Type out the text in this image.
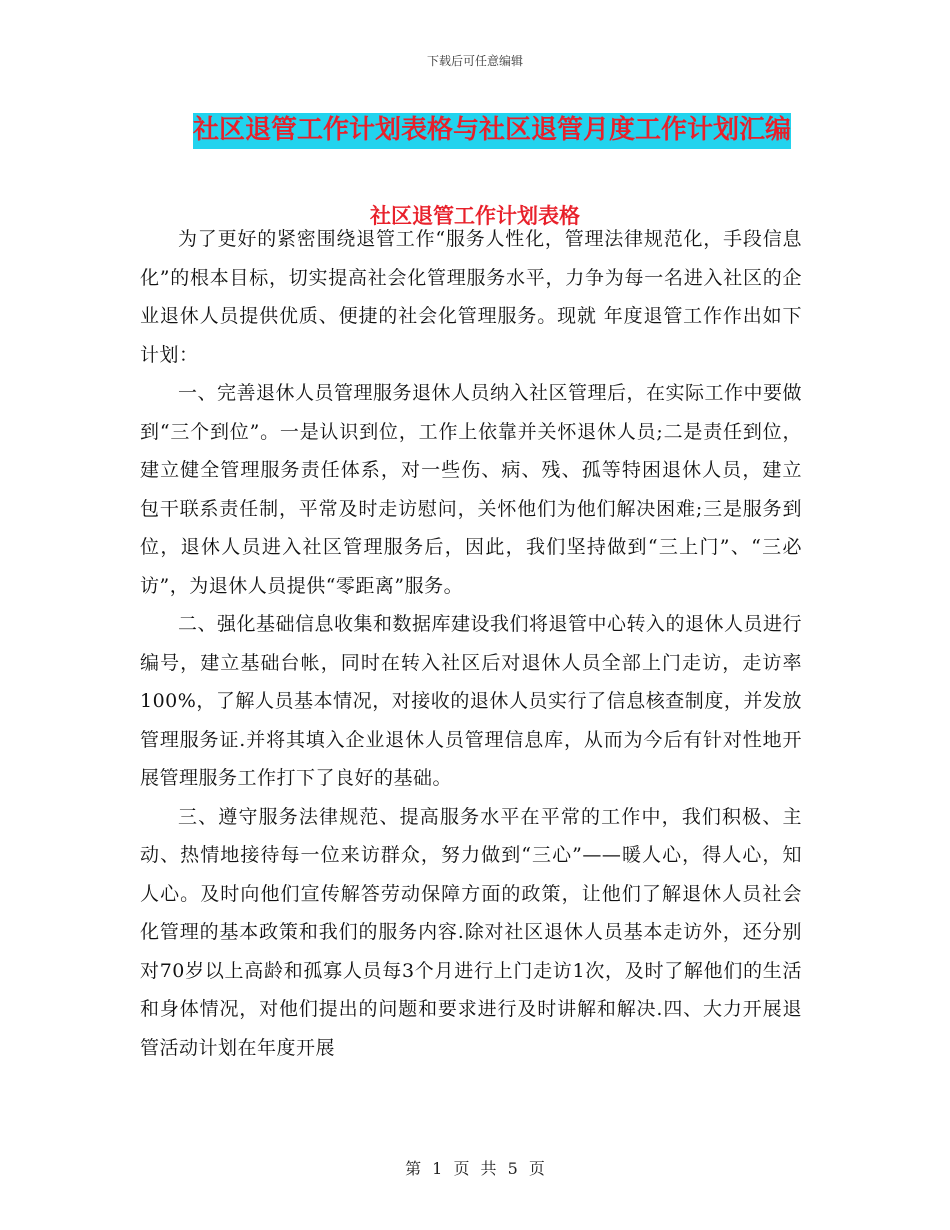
下载后可任意编辑
社区退管工作计划表格与社区退管月度工作计划汇编
社区退管工作计划表格

为了更好的紧密围绕退管工作“服务人性化，管理法律规范化，手段信息化”的根本目标，切实提高社会化管理服务水平，力争为每一名进入社区的企业退休人员提供优质、便捷的社会化管理服务。现就 年度退管工作作出如下计划：

一、完善退休人员管理服务退休人员纳入社区管理后，在实际工作中要做到“三个到位”。一是认识到位，工作上依靠并关怀退休人员;二是责任到位，建立健全管理服务责任体系，对一些伤、病、残、孤等特困退休人员，建立包干联系责任制，平常及时走访慰问，关怀他们为他们解决困难;三是服务到位，退休人员进入社区管理服务后，因此，我们坚持做到“三上门”、“三必访”，为退休人员提供“零距离”服务。

二、强化基础信息收集和数据库建设我们将退管中心转入的退休人员进行编号，建立基础台帐，同时在转入社区后对退休人员全部上门走访，走访率100%，了解人员基本情况，对接收的退休人员实行了信息核查制度，并发放管理服务证.并将其填入企业退休人员管理信息库，从而为今后有针对性地开展管理服务工作打下了良好的基础。

三、遵守服务法律规范、提高服务水平在平常的工作中，我们积极、主动、热情地接待每一位来访群众，努力做到“三心”——暖人心，得人心，知人心。及时向他们宣传解答劳动保障方面的政策，让他们了解退休人员社会化管理的基本政策和我们的服务内容.除对社区退休人员基本走访外，还分别对70岁以上高龄和孤寡人员每3个月进行上门走访1次，及时了解他们的生活和身体情况，对他们提出的问题和要求进行及时讲解和解决.四、大力开展退管活动计划在年度开展

第 1 页 共 5 页
